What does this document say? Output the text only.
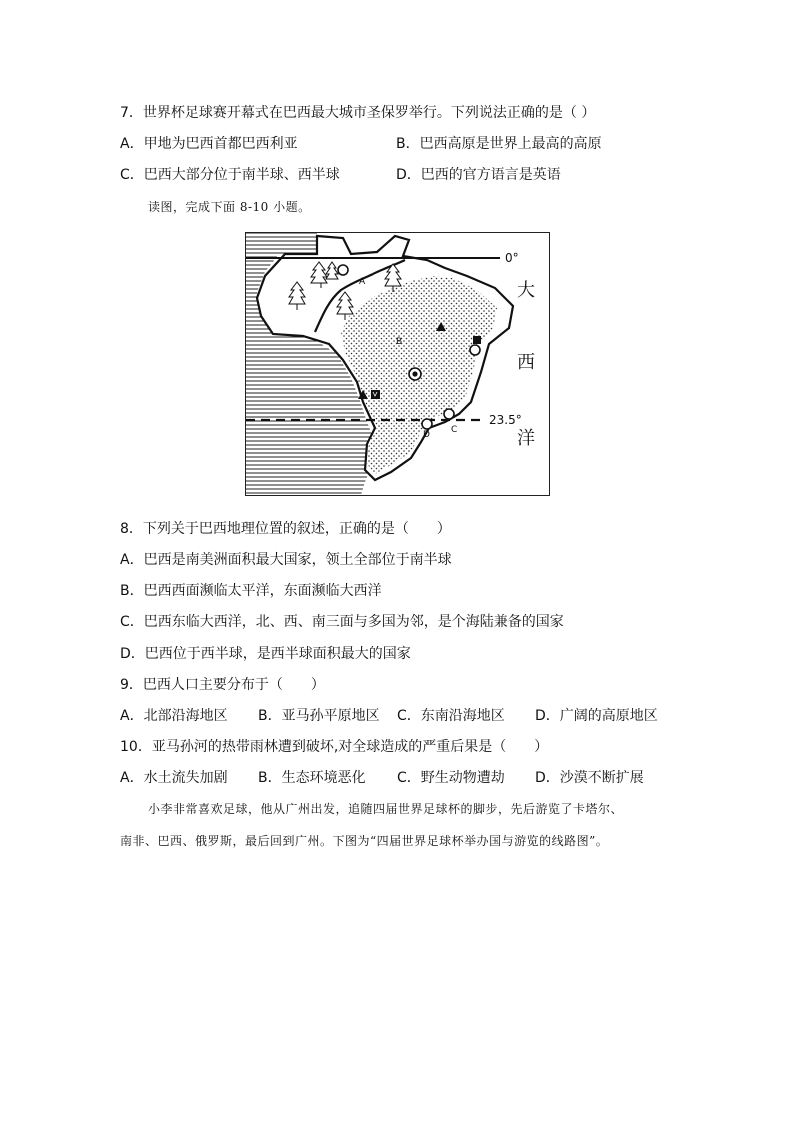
7．世界杯足球赛开幕式在巴西最大城市圣保罗举行。下列说法正确的是（ ）
A．甲地为巴西首都巴西利亚	B．巴西高原是世界上最高的高原
C．巴西大部分位于南半球、西半球	D．巴西的官方语言是英语
读图，完成下面 8-10 小题。
0°
23.5°
A
B
C
D
大
西
洋
8．下列关于巴西地理位置的叙述，正确的是（　　）
A．巴西是南美洲面积最大国家，领土全部位于南半球
B．巴西西面濒临太平洋，东面濒临大西洋
C．巴西东临大西洋，北、西、南三面与多国为邻，是个海陆兼备的国家
D．巴西位于西半球，是西半球面积最大的国家
9．巴西人口主要分布于（　　）
A．北部沿海地区 B．亚马孙平原地区 C．东南沿海地区 D．广阔的高原地区
10．亚马孙河的热带雨林遭到破坏,对全球造成的严重后果是（　　）
A．水土流失加剧 B．生态环境恶化 C．野生动物遭劫 D．沙漠不断扩展
小李非常喜欢足球，他从广州出发，追随四届世界足球杯的脚步，先后游览了卡塔尔、
南非、巴西、俄罗斯，最后回到广州。下图为“四届世界足球杯举办国与游览的线路图”。
